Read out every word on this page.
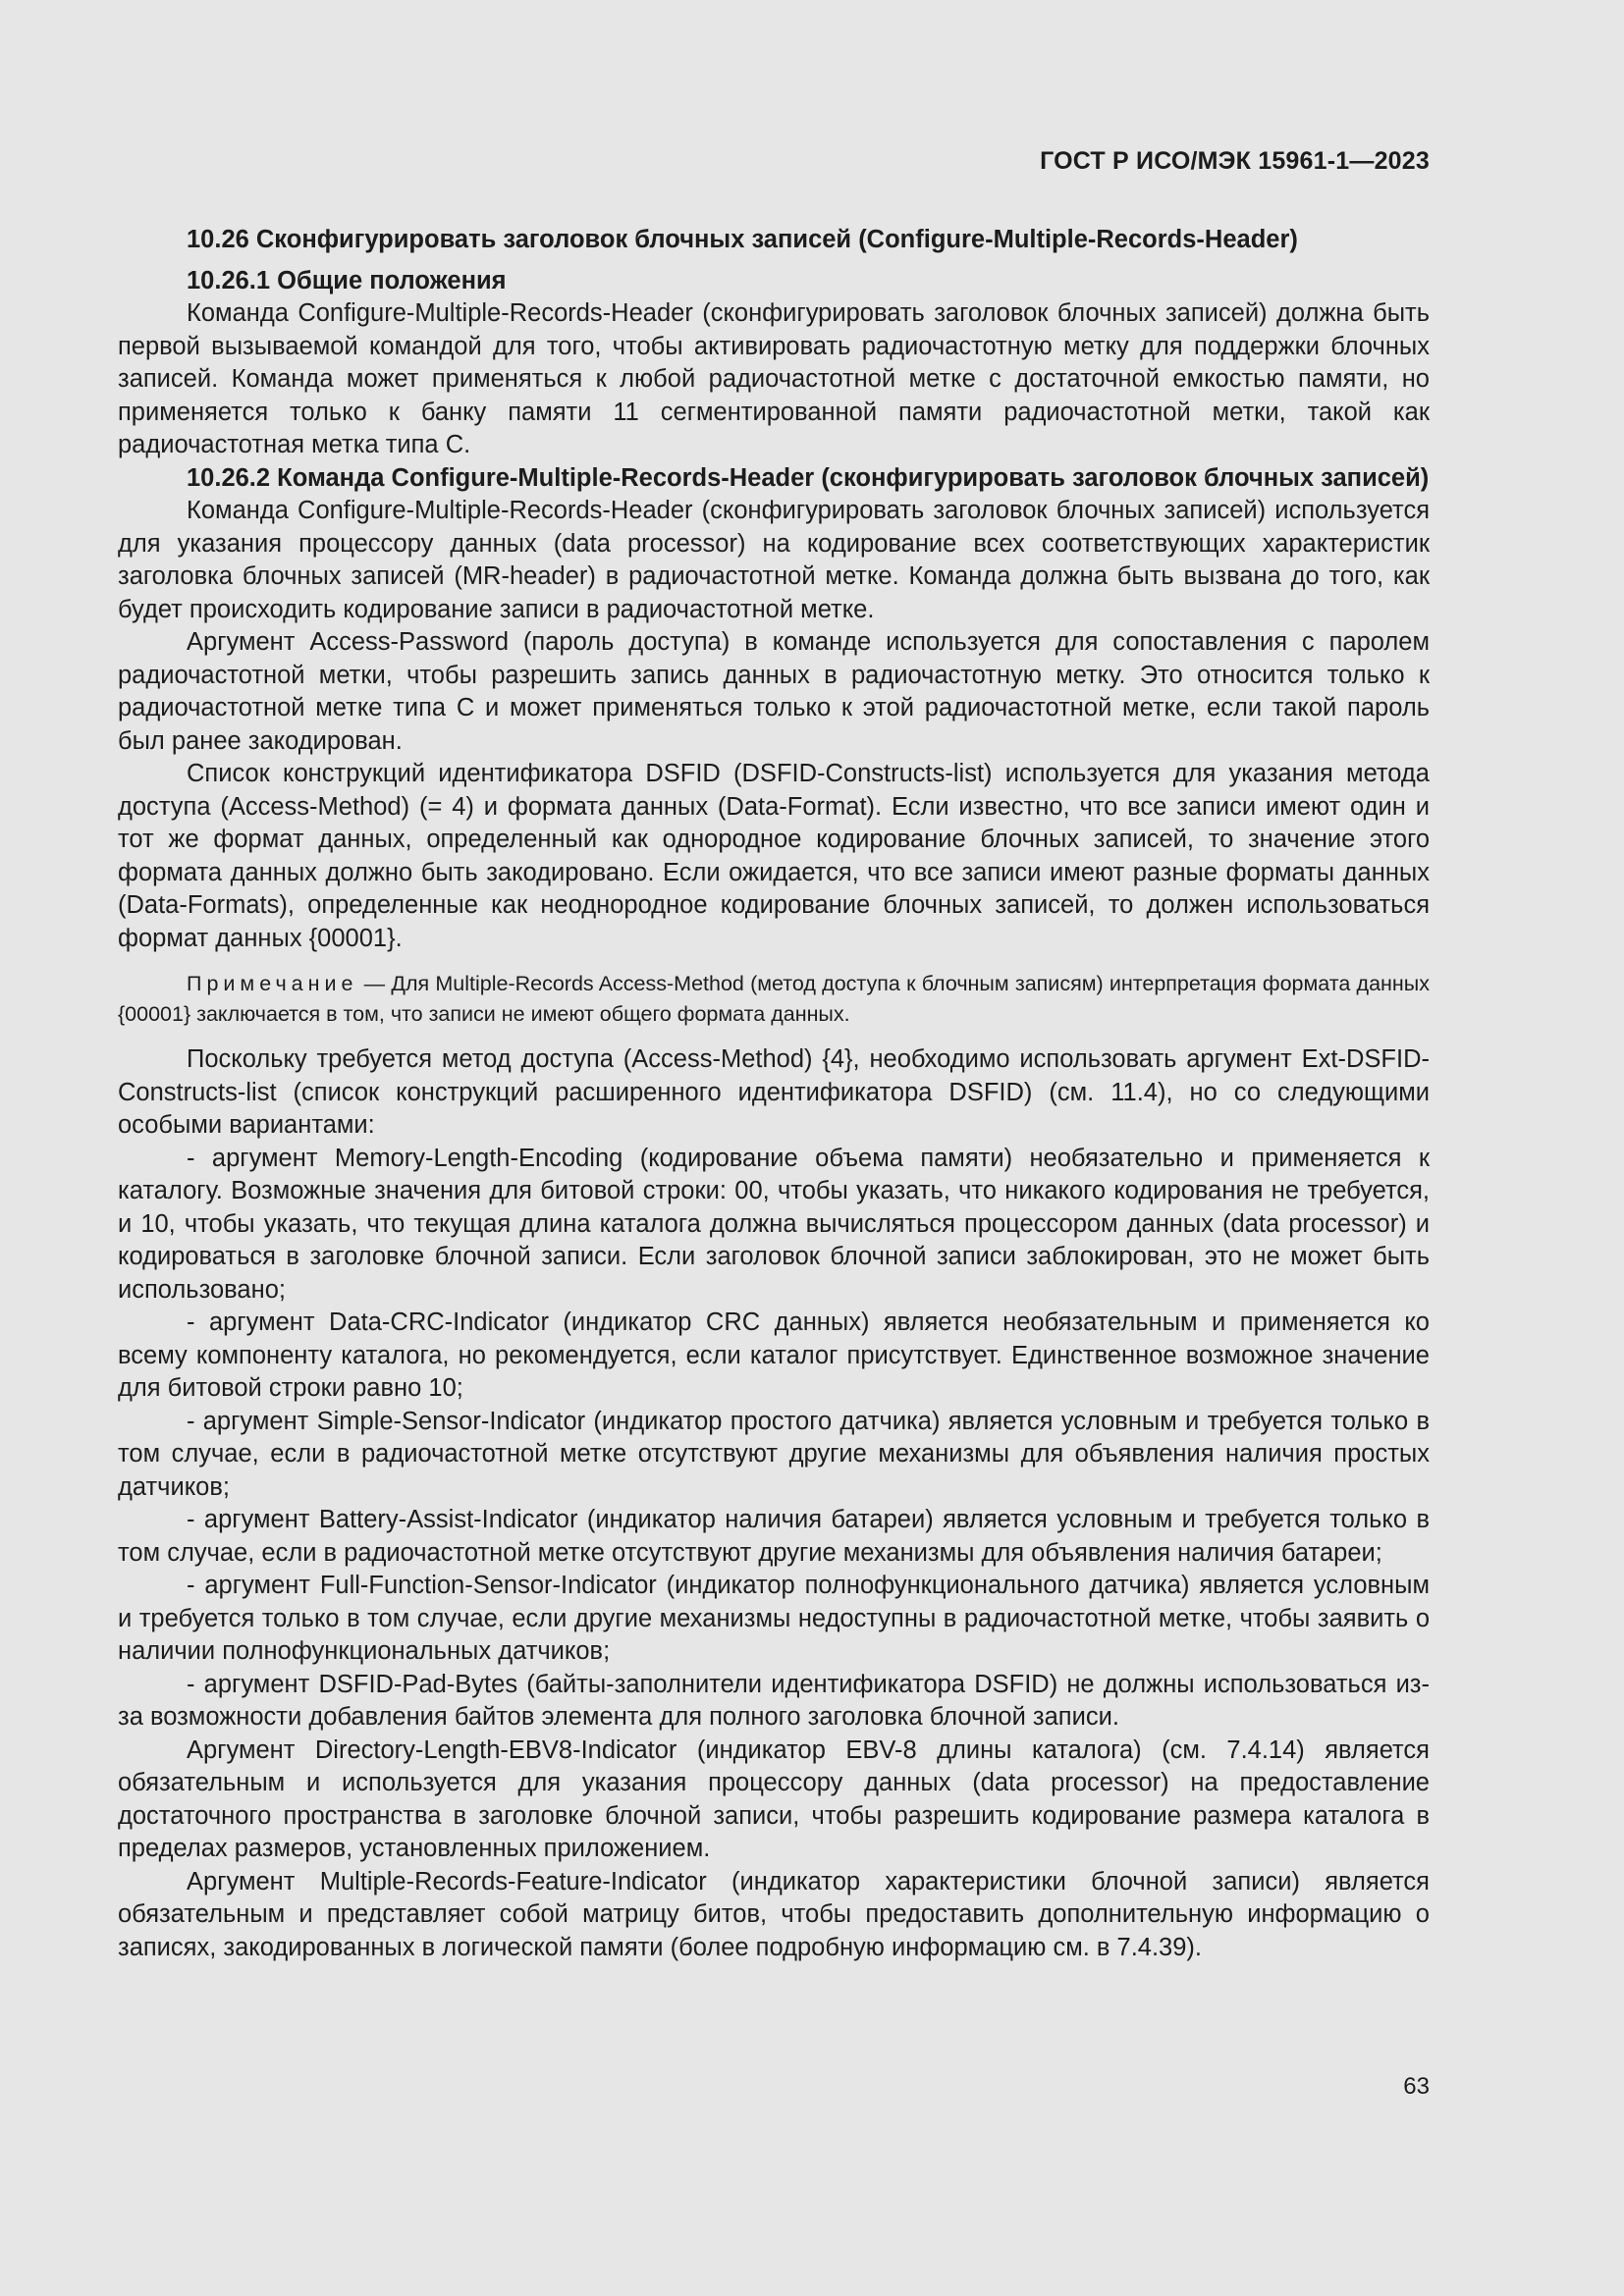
ГОСТ Р ИСО/МЭК 15961-1—2023
10.26 Сконфигурировать заголовок блочных записей (Configure-Multiple-Records-Header)
10.26.1 Общие положения

Команда Configure-Multiple-Records-Header (сконфигурировать заголовок блочных записей) должна быть первой вызываемой командой для того, чтобы активировать радиочастотную метку для поддержки блочных записей. Команда может применяться к любой радиочастотной метке с достаточной емкостью памяти, но применяется только к банку памяти 11 сегментированной памяти радиочастотной метки, такой как радиочастотная метка типа С.

10.26.2 Команда Configure-Multiple-Records-Header (сконфигурировать заголовок блочных записей)

Команда Configure-Multiple-Records-Header (сконфигурировать заголовок блочных записей) используется для указания процессору данных (data processor) на кодирование всех соответствующих характеристик заголовка блочных записей (MR-header) в радиочастотной метке. Команда должна быть вызвана до того, как будет происходить кодирование записи в радиочастотной метке.

Аргумент Access-Password (пароль доступа) в команде используется для сопоставления с паролем радиочастотной метки, чтобы разрешить запись данных в радиочастотную метку. Это относится только к радиочастотной метке типа С и может применяться только к этой радиочастотной метке, если такой пароль был ранее закодирован.

Список конструкций идентификатора DSFID (DSFID-Constructs-list) используется для указания метода доступа (Access-Method) (= 4) и формата данных (Data-Format). Если известно, что все записи имеют один и тот же формат данных, определенный как однородное кодирование блочных записей, то значение этого формата данных должно быть закодировано. Если ожидается, что все записи имеют разные форматы данных (Data-Formats), определенные как неоднородное кодирование блочных записей, то должен использоваться формат данных {00001}.

Примечание — Для Multiple-Records Access-Method (метод доступа к блочным записям) интерпретация формата данных {00001} заключается в том, что записи не имеют общего формата данных.

Поскольку требуется метод доступа (Access-Method) {4}, необходимо использовать аргумент Ext-DSFID-Constructs-list (список конструкций расширенного идентификатора DSFID) (см. 11.4), но со следующими особыми вариантами:

- аргумент Memory-Length-Encoding (кодирование объема памяти) необязательно и применяется к каталогу. Возможные значения для битовой строки: 00, чтобы указать, что никакого кодирования не требуется, и 10, чтобы указать, что текущая длина каталога должна вычисляться процессором данных (data processor) и кодироваться в заголовке блочной записи. Если заголовок блочной записи заблокирован, это не может быть использовано;

- аргумент Data-CRC-Indicator (индикатор CRC данных) является необязательным и применяется ко всему компоненту каталога, но рекомендуется, если каталог присутствует. Единственное возможное значение для битовой строки равно 10;

- аргумент Simple-Sensor-Indicator (индикатор простого датчика) является условным и требуется только в том случае, если в радиочастотной метке отсутствуют другие механизмы для объявления наличия простых датчиков;

- аргумент Battery-Assist-Indicator (индикатор наличия батареи) является условным и требуется только в том случае, если в радиочастотной метке отсутствуют другие механизмы для объявления наличия батареи;

- аргумент Full-Function-Sensor-Indicator (индикатор полнофункционального датчика) является условным и требуется только в том случае, если другие механизмы недоступны в радиочастотной метке, чтобы заявить о наличии полнофункциональных датчиков;

- аргумент DSFID-Pad-Bytes (байты-заполнители идентификатора DSFID) не должны использоваться из-за возможности добавления байтов элемента для полного заголовка блочной записи.

Аргумент Directory-Length-EBV8-Indicator (индикатор EBV-8 длины каталога) (см. 7.4.14) является обязательным и используется для указания процессору данных (data processor) на предоставление достаточного пространства в заголовке блочной записи, чтобы разрешить кодирование размера каталога в пределах размеров, установленных приложением.

Аргумент Multiple-Records-Feature-Indicator (индикатор характеристики блочной записи) является обязательным и представляет собой матрицу битов, чтобы предоставить дополнительную информацию о записях, закодированных в логической памяти (более подробную информацию см. в 7.4.39).

63
